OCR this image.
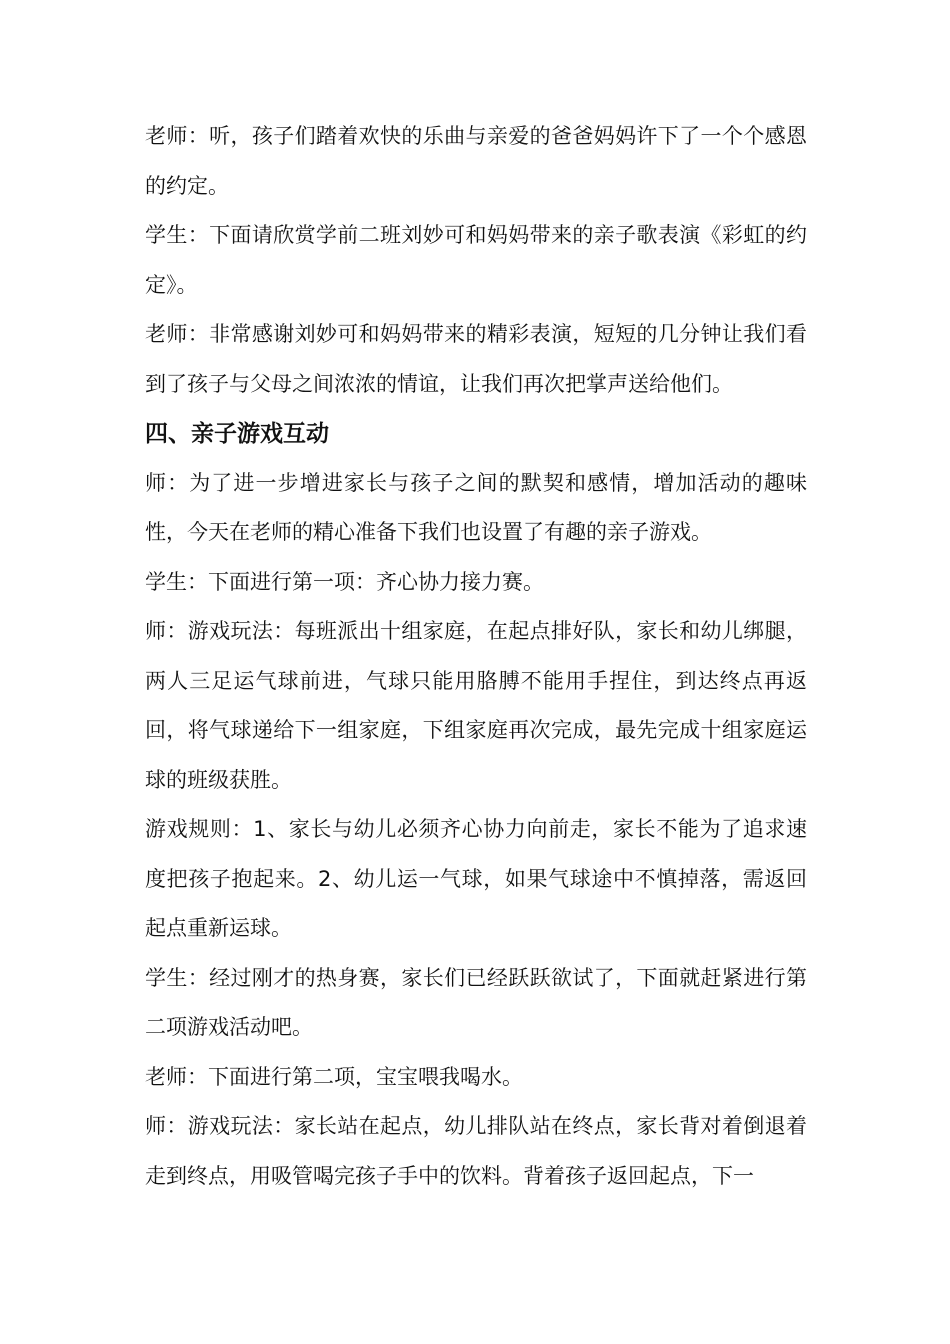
老师：听，孩子们踏着欢快的乐曲与亲爱的爸爸妈妈许下了一个个感恩的约定。

学生：下面请欣赏学前二班刘妙可和妈妈带来的亲子歌表演《彩虹的约定》。

老师：非常感谢刘妙可和妈妈带来的精彩表演，短短的几分钟让我们看到了孩子与父母之间浓浓的情谊，让我们再次把掌声送给他们。

四、亲子游戏互动

师：为了进一步增进家长与孩子之间的默契和感情，增加活动的趣味性，今天在老师的精心准备下我们也设置了有趣的亲子游戏。

学生：下面进行第一项：齐心协力接力赛。

师：游戏玩法：每班派出十组家庭，在起点排好队，家长和幼儿绑腿，两人三足运气球前进，气球只能用胳膊不能用手捏住，到达终点再返回，将气球递给下一组家庭，下组家庭再次完成，最先完成十组家庭运球的班级获胜。

游戏规则：1、家长与幼儿必须齐心协力向前走，家长不能为了追求速度把孩子抱起来。2、幼儿运一气球，如果气球途中不慎掉落，需返回起点重新运球。

学生：经过刚才的热身赛，家长们已经跃跃欲试了，下面就赶紧进行第二项游戏活动吧。

老师：下面进行第二项，宝宝喂我喝水。

师：游戏玩法：家长站在起点，幼儿排队站在终点，家长背对着倒退着走到终点，用吸管喝完孩子手中的饮料。背着孩子返回起点，下一
